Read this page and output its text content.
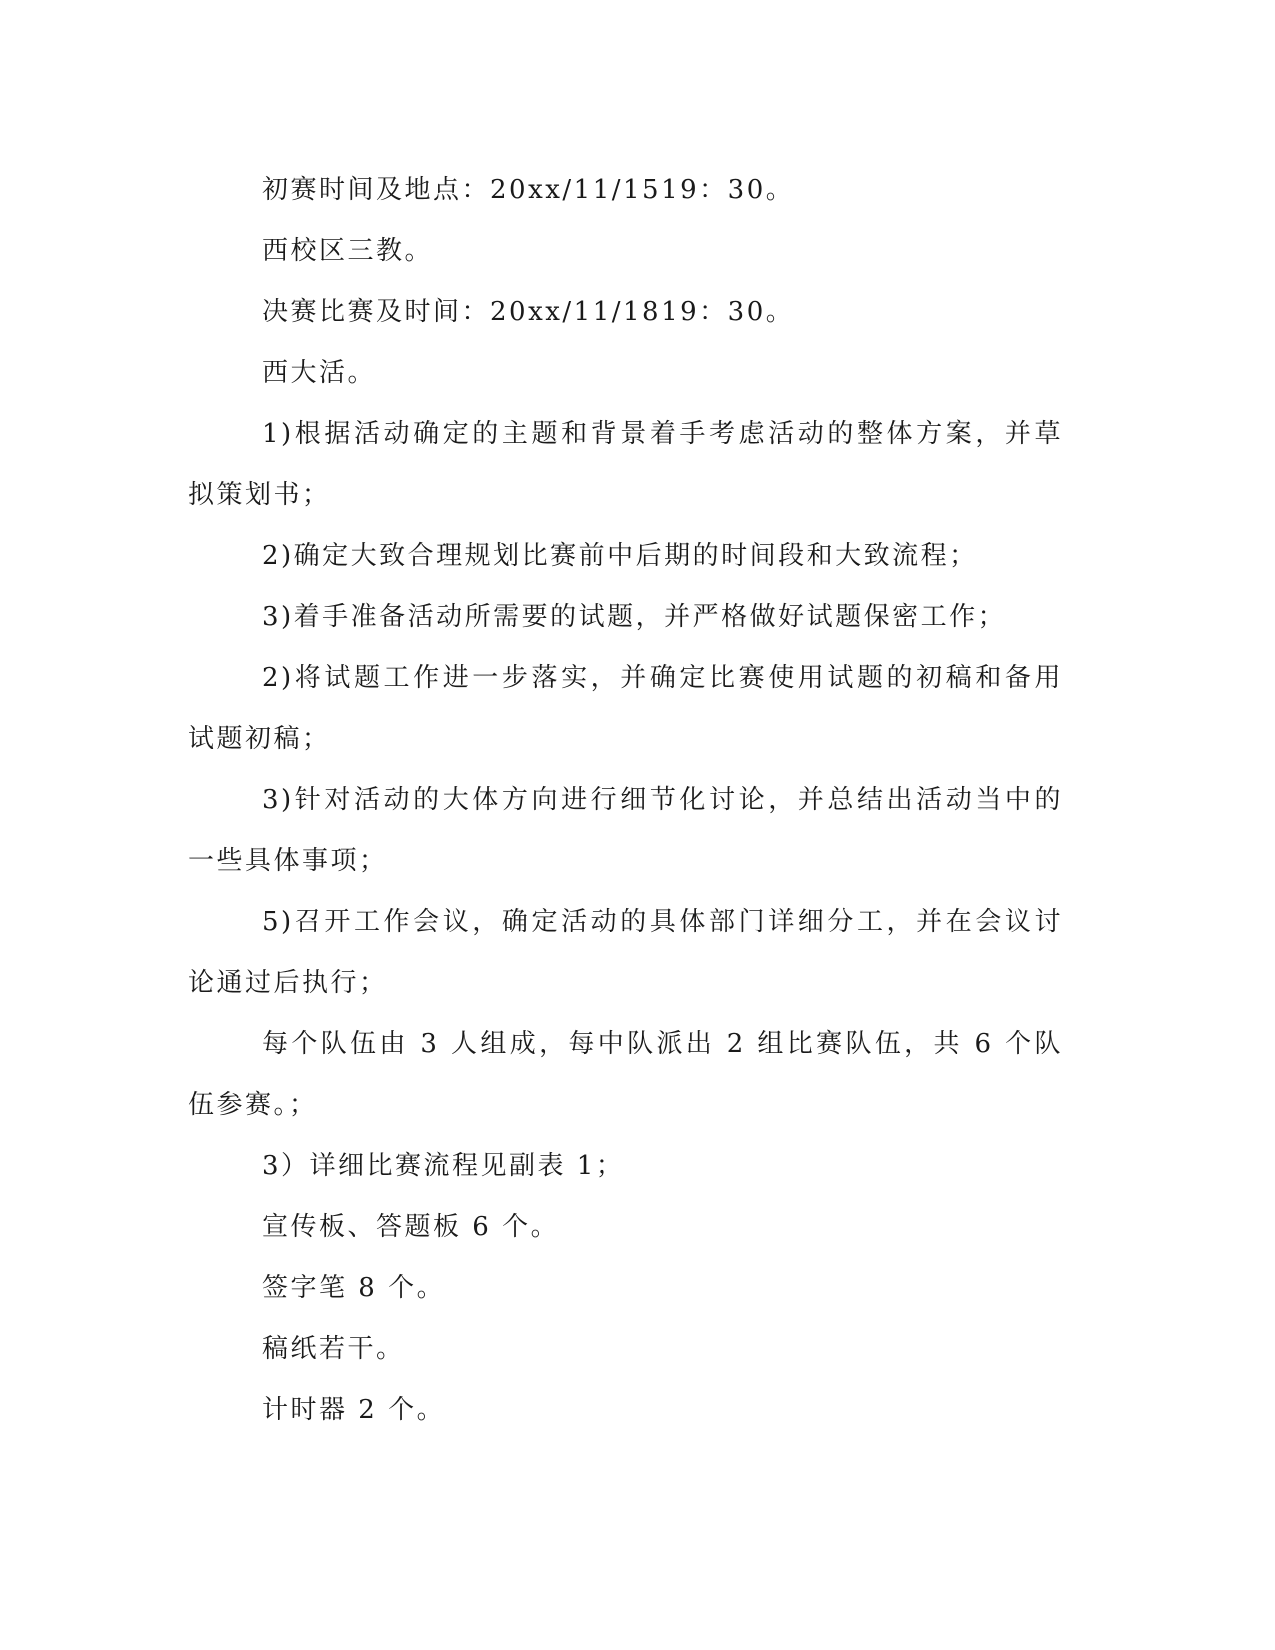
初赛时间及地点：20xx/11/1519：30。

西校区三教。

决赛比赛及时间：20xx/11/1819：30。

西大活。

1)根据活动确定的主题和背景着手考虑活动的整体方案，并草拟策划书；

2)确定大致合理规划比赛前中后期的时间段和大致流程；

3)着手准备活动所需要的试题，并严格做好试题保密工作；

2)将试题工作进一步落实，并确定比赛使用试题的初稿和备用试题初稿；

3)针对活动的大体方向进行细节化讨论，并总结出活动当中的一些具体事项；

5)召开工作会议，确定活动的具体部门详细分工，并在会议讨论通过后执行；

每个队伍由 3 人组成，每中队派出 2 组比赛队伍，共 6 个队伍参赛。；

3）详细比赛流程见副表 1；

宣传板、答题板 6 个。

签字笔 8 个。

稿纸若干。

计时器 2 个。
